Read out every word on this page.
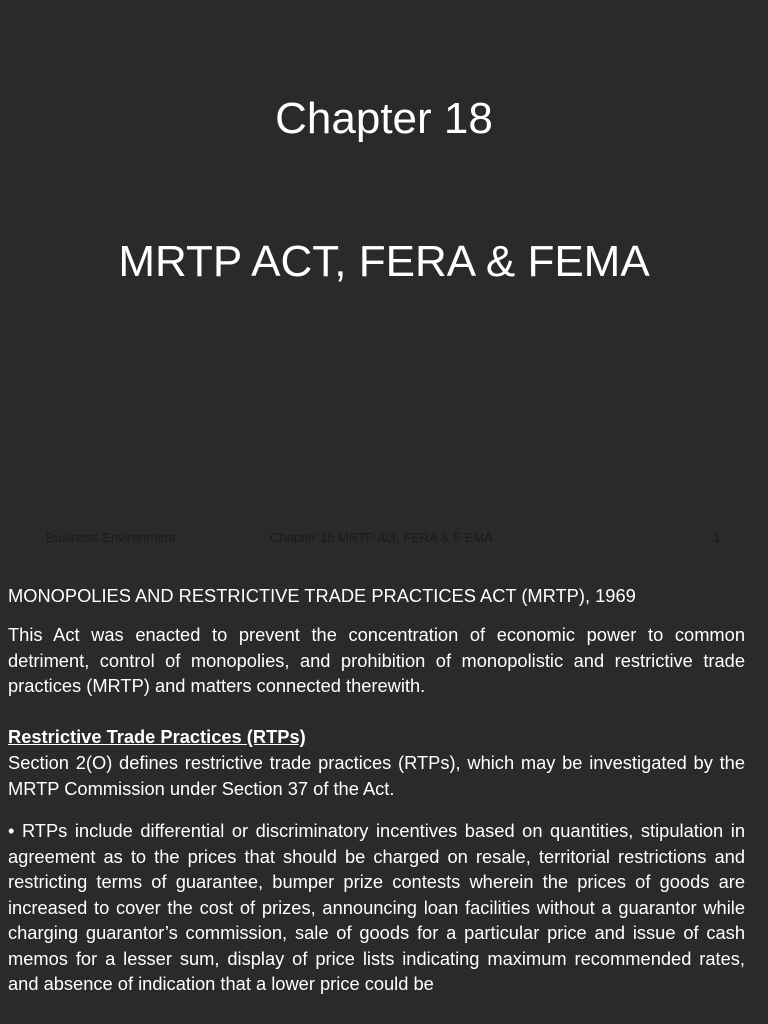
Chapter 18
MRTP ACT, FERA & FEMA
Business Environment	Chapter 18 MRTP Act, FERA & F EMA	1

MONOPOLIES AND RESTRICTIVE TRADE PRACTICES ACT (MRTP), 1969

This Act was enacted to prevent the concentration of economic power to common detriment, control of monopolies, and prohibition of monopolistic and restrictive trade practices (MRTP) and matters connected therewith.

Restrictive Trade Practices (RTPs)

Section 2(O) defines restrictive trade practices (RTPs), which may be investigated by the MRTP Commission under Section 37 of the Act.

• RTPs include differential or discriminatory incentives based on quantities, stipulation in agreement as to the prices that should be charged on resale, territorial restrictions and restricting terms of guarantee, bumper prize contests wherein the prices of goods are increased to cover the cost of prizes, announcing loan facilities without a guarantor while charging guarantor’s commission, sale of goods for a particular price and issue of cash memos for a lesser sum, display of price lists indicating maximum recommended rates, and absence of indication that a lower price could be
